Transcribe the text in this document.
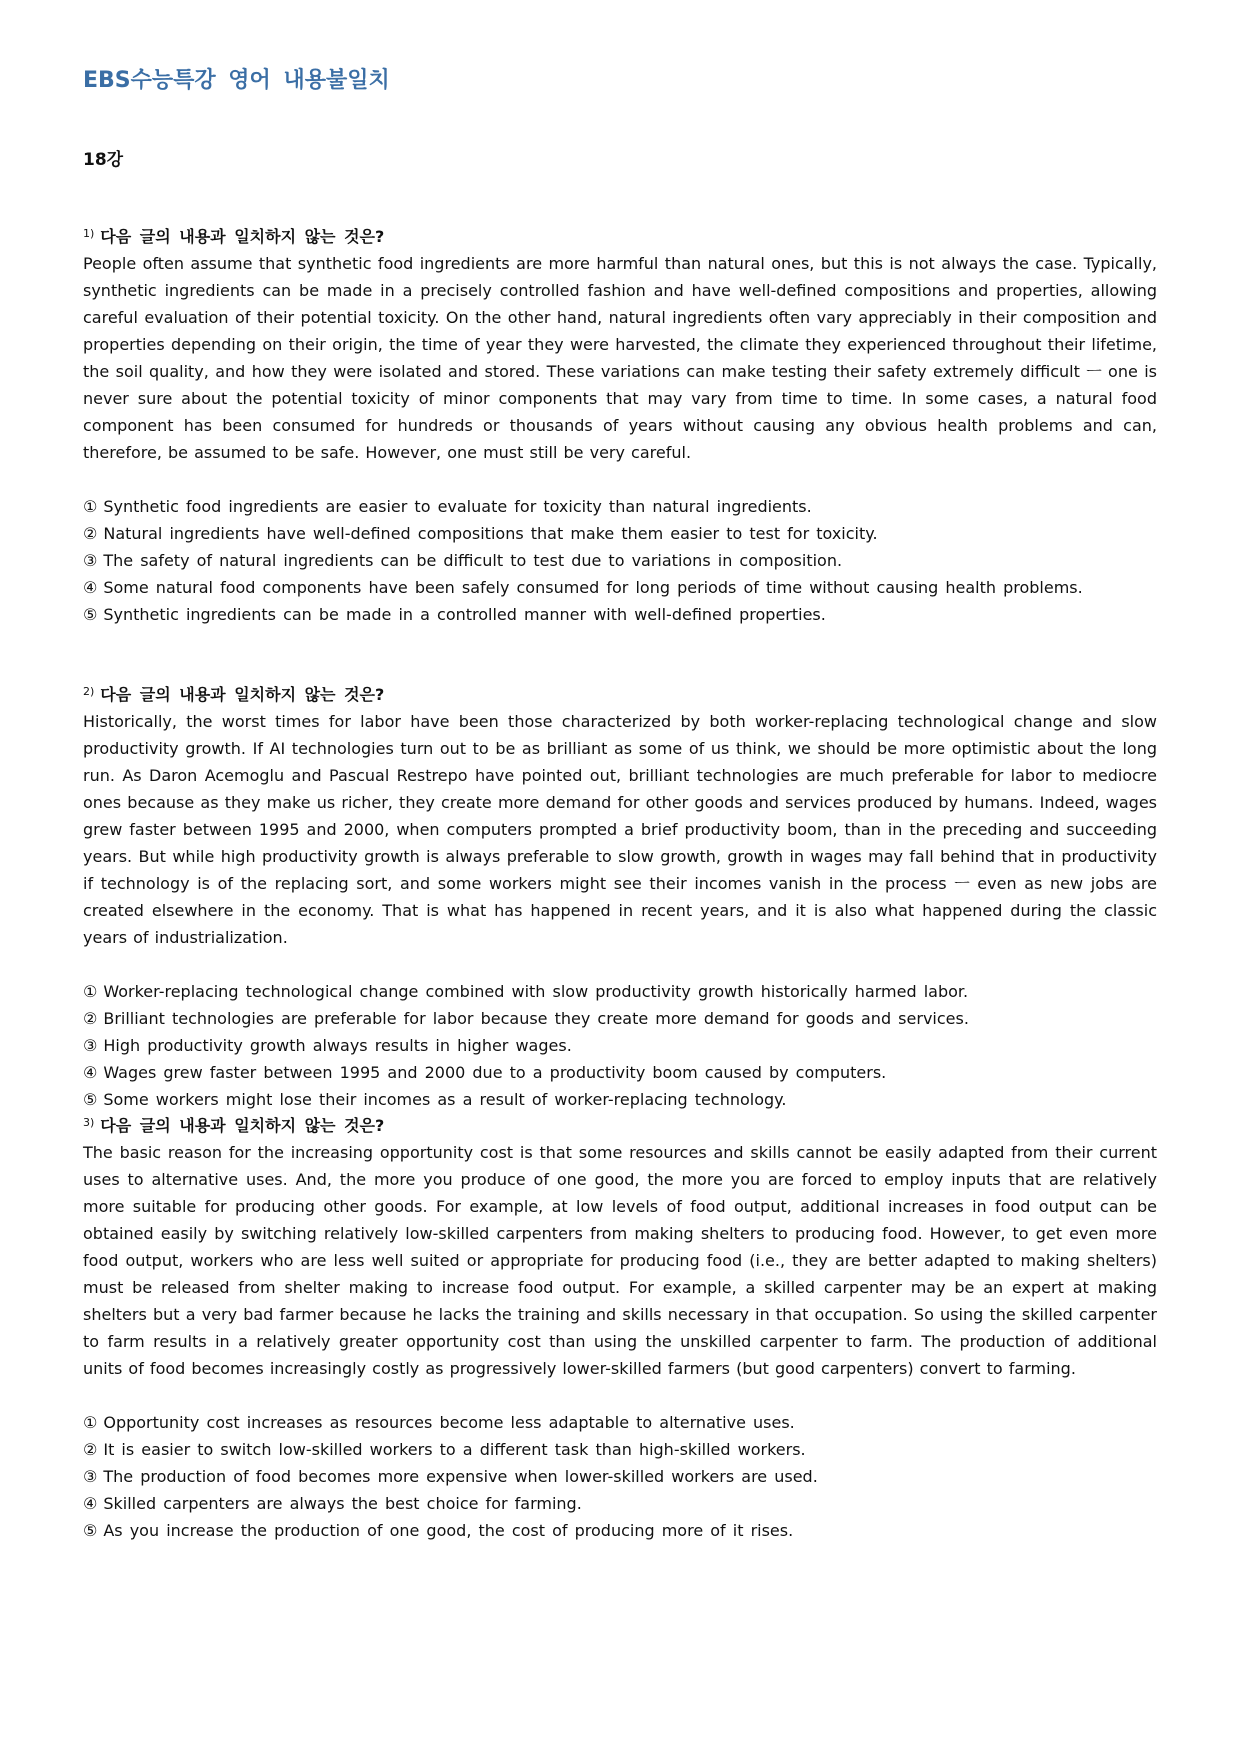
EBS수능특강 영어 내용불일치
18강
$^{1)}$ 다음 글의 내용과 일치하지 않는 것은?

People often assume that synthetic food ingredients are more harmful than natural ones, but this is not always the case. Typically, synthetic ingredients can be made in a precisely controlled fashion and have well-defined compositions and properties, allowing careful evaluation of their potential toxicity. On the other hand, natural ingredients often vary appreciably in their composition and properties depending on their origin, the time of year they were harvested, the climate they experienced throughout their lifetime, the soil quality, and how they were isolated and stored. These variations can make testing their safety extremely difficult ㅡ one is never sure about the potential toxicity of minor components that may vary from time to time. In some cases, a natural food component has been consumed for hundreds or thousands of years without causing any obvious health problems and can, therefore, be assumed to be safe. However, one must still be very careful.

① Synthetic food ingredients are easier to evaluate for toxicity than natural ingredients.
② Natural ingredients have well-defined compositions that make them easier to test for toxicity.
③ The safety of natural ingredients can be difficult to test due to variations in composition.
④ Some natural food components have been safely consumed for long periods of time without causing health problems.
⑤ Synthetic ingredients can be made in a controlled manner with well-defined properties.
$^{2)}$ 다음 글의 내용과 일치하지 않는 것은?

Historically, the worst times for labor have been those characterized by both worker-replacing technological change and slow productivity growth. If AI technologies turn out to be as brilliant as some of us think, we should be more optimistic about the long run. As Daron Acemoglu and Pascual Restrepo have pointed out, brilliant technologies are much preferable for labor to mediocre ones because as they make us richer, they create more demand for other goods and services produced by humans. Indeed, wages grew faster between 1995 and 2000, when computers prompted a brief productivity boom, than in the preceding and succeeding years. But while high productivity growth is always preferable to slow growth, growth in wages may fall behind that in productivity if technology is of the replacing sort, and some workers might see their incomes vanish in the process ㅡ even as new jobs are created elsewhere in the economy. That is what has happened in recent years, and it is also what happened during the classic years of industrialization.

① Worker-replacing technological change combined with slow productivity growth historically harmed labor.
② Brilliant technologies are preferable for labor because they create more demand for goods and services.
③ High productivity growth always results in higher wages.
④ Wages grew faster between 1995 and 2000 due to a productivity boom caused by computers.
⑤ Some workers might lose their incomes as a result of worker-replacing technology.
$^{3)}$ 다음 글의 내용과 일치하지 않는 것은?

The basic reason for the increasing opportunity cost is that some resources and skills cannot be easily adapted from their current uses to alternative uses. And, the more you produce of one good, the more you are forced to employ inputs that are relatively more suitable for producing other goods. For example, at low levels of food output, additional increases in food output can be obtained easily by switching relatively low-skilled carpenters from making shelters to producing food. However, to get even more food output, workers who are less well suited or appropriate for producing food (i.e., they are better adapted to making shelters) must be released from shelter making to increase food output. For example, a skilled carpenter may be an expert at making shelters but a very bad farmer because he lacks the training and skills necessary in that occupation. So using the skilled carpenter to farm results in a relatively greater opportunity cost than using the unskilled carpenter to farm. The production of additional units of food becomes increasingly costly as progressively lower-skilled farmers (but good carpenters) convert to farming.

① Opportunity cost increases as resources become less adaptable to alternative uses.
② It is easier to switch low-skilled workers to a different task than high-skilled workers.
③ The production of food becomes more expensive when lower-skilled workers are used.
④ Skilled carpenters are always the best choice for farming.
⑤ As you increase the production of one good, the cost of producing more of it rises.
